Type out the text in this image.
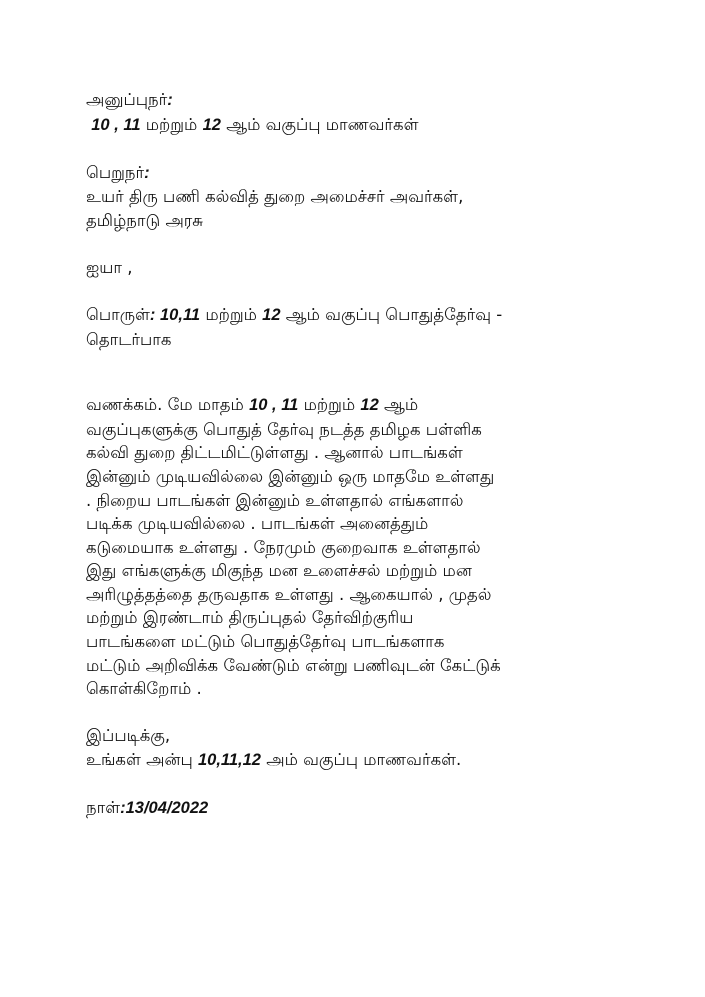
அனுப்புநர்:
10 , 11 மற்றும் 12 ஆம் வகுப்பு மாணவர்கள்
பெறுநர்:
உயர் திரு பணி கல்வித் துறை அமைச்சர் அவர்கள்,
தமிழ்நாடு அரசு
ஐயா ,
பொருள்: 10,11 மற்றும் 12 ஆம் வகுப்பு பொதுத்தேர்வு -
தொடர்பாக
வணக்கம். மே மாதம் 10 , 11 மற்றும் 12 ஆம்
வகுப்புகளுக்கு பொதுத் தேர்வு நடத்த தமிழக பள்ளிக
கல்வி துறை திட்டமிட்டுள்ளது . ஆனால் பாடங்கள்
இன்னும் முடியவில்லை இன்னும் ஒரு மாதமே உள்ளது
. நிறைய பாடங்கள் இன்னும் உள்ளதால் எங்களால்
படிக்க முடியவில்லை . பாடங்கள் அனைத்தும்
கடுமையாக உள்ளது . நேரமும் குறைவாக உள்ளதால்
இது எங்களுக்கு மிகுந்த மன உளைச்சல் மற்றும் மன
அரிழுத்தத்தை தருவதாக உள்ளது . ஆகையால் , முதல்
மற்றும் இரண்டாம் திருப்புதல் தேர்விற்குரிய
பாடங்களை மட்டும் பொதுத்தேர்வு பாடங்களாக
மட்டும் அறிவிக்க வேண்டும் என்று பணிவுடன் கேட்டுக்
கொள்கிறோம் .
இப்படிக்கு,
உங்கள் அன்பு 10,11,12 அம் வகுப்பு மாணவர்கள்.
நாள்:13/04/2022
